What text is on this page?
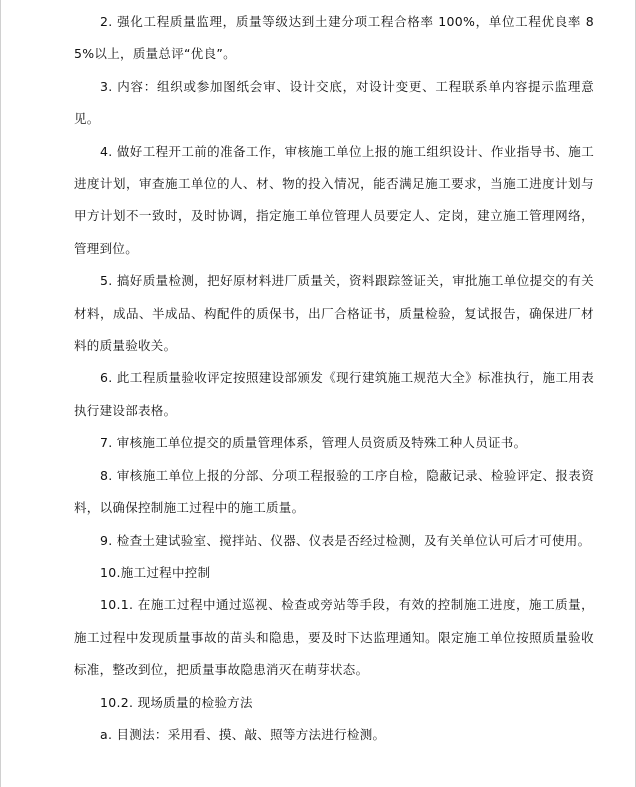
2. 强化工程质量监理，质量等级达到土建分项工程合格率 100%，单位工程优良率 85%以上，质量总评“优良”。

3. 内容：组织或参加图纸会审、设计交底，对设计变更、工程联系单内容提示监理意见。

4. 做好工程开工前的准备工作，审核施工单位上报的施工组织设计、作业指导书、施工进度计划，审查施工单位的人、材、物的投入情况，能否满足施工要求，当施工进度计划与甲方计划不一致时，及时协调，指定施工单位管理人员要定人、定岗，建立施工管理网络，管理到位。

5. 搞好质量检测，把好原材料进厂质量关，资料跟踪签证关，审批施工单位提交的有关材料，成品、半成品、构配件的质保书，出厂合格证书，质量检验，复试报告，确保进厂材料的质量验收关。

6. 此工程质量验收评定按照建设部颁发《现行建筑施工规范大全》标准执行，施工用表执行建设部表格。

7. 审核施工单位提交的质量管理体系，管理人员资质及特殊工种人员证书。

8. 审核施工单位上报的分部、分项工程报验的工序自检，隐蔽记录、检验评定、报表资料，以确保控制施工过程中的施工质量。

9. 检查土建试验室、搅拌站、仪器、仪表是否经过检测，及有关单位认可后才可使用。

10.施工过程中控制

10.1. 在施工过程中通过巡视、检查或旁站等手段，有效的控制施工进度，施工质量，施工过程中发现质量事故的苗头和隐患，要及时下达监理通知。限定施工单位按照质量验收标准，整改到位，把质量事故隐患消灭在萌芽状态。

10.2. 现场质量的检验方法

a. 目测法：采用看、摸、敲、照等方法进行检测。
